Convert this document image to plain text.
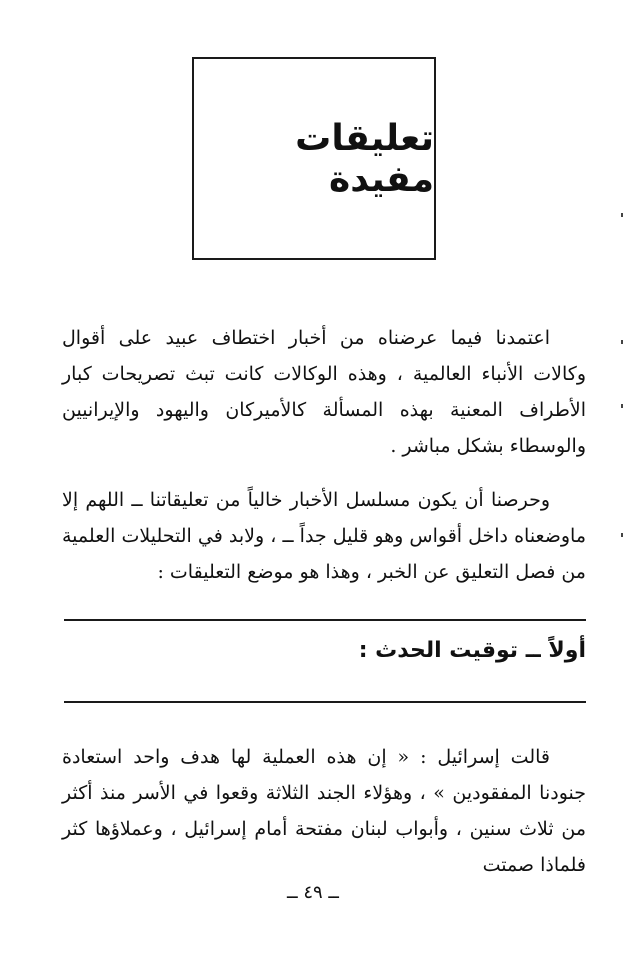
تعليقات مفيدة

اعتمدنا فيما عرضناه من أخبار اختطاف عبيد على أقوال وكالات الأنباء العالمية ، وهذه الوكالات كانت تبث تصريحات كبار الأطراف المعنية بهذه المسألة كالأميركان واليهود والإيرانيين والوسطاء بشكل مباشر .

وحرصنا أن يكون مسلسل الأخبار خالياً من تعليقاتنا ــ اللهم إلا ماوضعناه داخل أقواس وهو قليل جداً ــ ، ولابد في التحليلات العلمية من فصل التعليق عن الخبر ، وهذا هو موضع التعليقات :

أولاً ــ توقيت الحدث :

قالت إسرائيل : « إن هذه العملية لها هدف واحد استعادة جنودنا المفقودين » ، وهؤلاء الجند الثلاثة وقعوا في الأسر منذ أكثر من ثلاث سنين ، وأبواب لبنان مفتحة أمام إسرائيل ، وعملاؤها كثر فلماذا صمتت

ــ ٤٩ ــ
